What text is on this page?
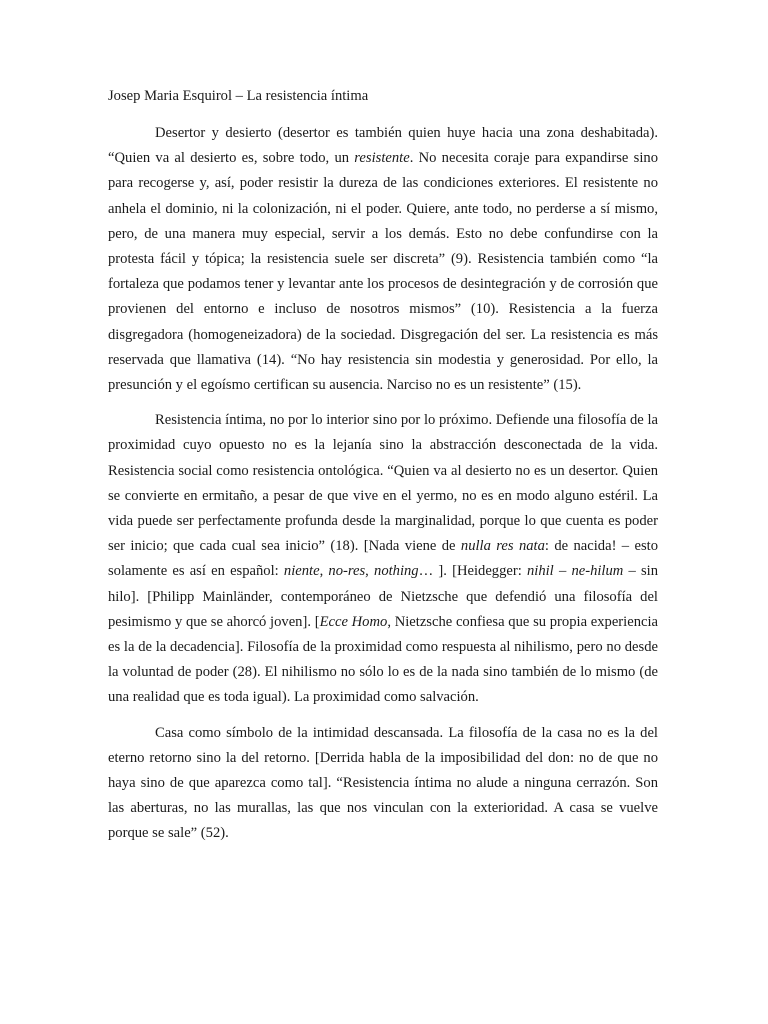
Josep Maria Esquirol – La resistencia íntima

Desertor y desierto (desertor es también quien huye hacia una zona deshabitada). “Quien va al desierto es, sobre todo, un resistente. No necesita coraje para expandirse sino para recogerse y, así, poder resistir la dureza de las condiciones exteriores. El resistente no anhela el dominio, ni la colonización, ni el poder. Quiere, ante todo, no perderse a sí mismo, pero, de una manera muy especial, servir a los demás. Esto no debe confundirse con la protesta fácil y tópica; la resistencia suele ser discreta” (9). Resistencia también como “la fortaleza que podamos tener y levantar ante los procesos de desintegración y de corrosión que provienen del entorno e incluso de nosotros mismos” (10). Resistencia a la fuerza disgregadora (homogeneizadora) de la sociedad. Disgregación del ser. La resistencia es más reservada que llamativa (14). “No hay resistencia sin modestia y generosidad. Por ello, la presunción y el egoísmo certifican su ausencia. Narciso no es un resistente” (15).

Resistencia íntima, no por lo interior sino por lo próximo. Defiende una filosofía de la proximidad cuyo opuesto no es la lejanía sino la abstracción desconectada de la vida. Resistencia social como resistencia ontológica. “Quien va al desierto no es un desertor. Quien se convierte en ermitaño, a pesar de que vive en el yermo, no es en modo alguno estéril. La vida puede ser perfectamente profunda desde la marginalidad, porque lo que cuenta es poder ser inicio; que cada cual sea inicio” (18). [Nada viene de nulla res nata: de nacida! – esto solamente es así en español: niente, no-res, nothing… ]. [Heidegger: nihil – ne-hilum – sin hilo]. [Philipp Mainländer, contemporáneo de Nietzsche que defendió una filosofía del pesimismo y que se ahorcó joven]. [Ecce Homo, Nietzsche confiesa que su propia experiencia es la de la decadencia]. Filosofía de la proximidad como respuesta al nihilismo, pero no desde la voluntad de poder (28). El nihilismo no sólo lo es de la nada sino también de lo mismo (de una realidad que es toda igual). La proximidad como salvación.

Casa como símbolo de la intimidad descansada. La filosofía de la casa no es la del eterno retorno sino la del retorno. [Derrida habla de la imposibilidad del don: no de que no haya sino de que aparezca como tal]. “Resistencia íntima no alude a ninguna cerrazón. Son las aberturas, no las murallas, las que nos vinculan con la exterioridad. A casa se vuelve porque se sale” (52).
